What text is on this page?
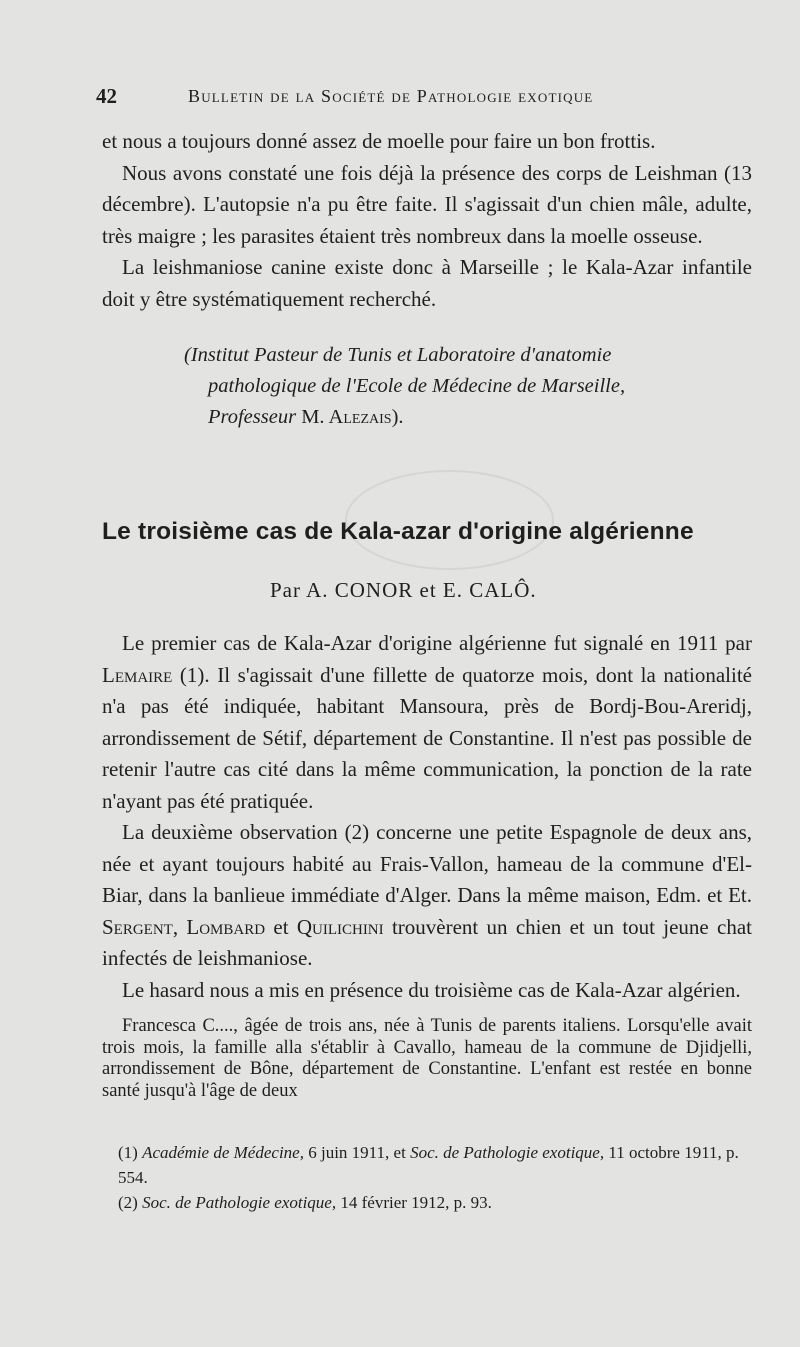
42	Bulletin de la Société de Pathologie exotique

et nous a toujours donné assez de moelle pour faire un bon frottis.

Nous avons constaté une fois déjà la présence des corps de Leishman (13 décembre). L'autopsie n'a pu être faite. Il s'agissait d'un chien mâle, adulte, très maigre ; les parasites étaient très nombreux dans la moelle osseuse.

La leishmaniose canine existe donc à Marseille ; le Kala-Azar infantile doit y être systématiquement recherché.

(Institut Pasteur de Tunis et Laboratoire d'anatomie
pathologique de l'Ecole de Médecine de Marseille,
Professeur M. Alezais).
Le troisième cas de Kala-azar d'origine algérienne
Par A. CONOR et E. CALÔ.

Le premier cas de Kala-Azar d'origine algérienne fut signalé en 1911 par Lemaire (1). Il s'agissait d'une fillette de quatorze mois, dont la nationalité n'a pas été indiquée, habitant Mansoura, près de Bordj-Bou-Areridj, arrondissement de Sétif, département de Constantine. Il n'est pas possible de retenir l'autre cas cité dans la même communication, la ponction de la rate n'ayant pas été pratiquée.

La deuxième observation (2) concerne une petite Espagnole de deux ans, née et ayant toujours habité au Frais-Vallon, hameau de la commune d'El-Biar, dans la banlieue immédiate d'Alger. Dans la même maison, Edm. et Et. Sergent, Lombard et Quilichini trouvèrent un chien et un tout jeune chat infectés de leishmaniose.

Le hasard nous a mis en présence du troisième cas de Kala-Azar algérien.

Francesca C...., âgée de trois ans, née à Tunis de parents italiens. Lorsqu'elle avait trois mois, la famille alla s'établir à Cavallo, hameau de la commune de Djidjelli, arrondissement de Bône, département de Constantine. L'enfant est restée en bonne santé jusqu'à l'âge de deux

(1) Académie de Médecine, 6 juin 1911, et Soc. de Pathologie exotique, 11 octobre 1911, p. 554.

(2) Soc. de Pathologie exotique, 14 février 1912, p. 93.
